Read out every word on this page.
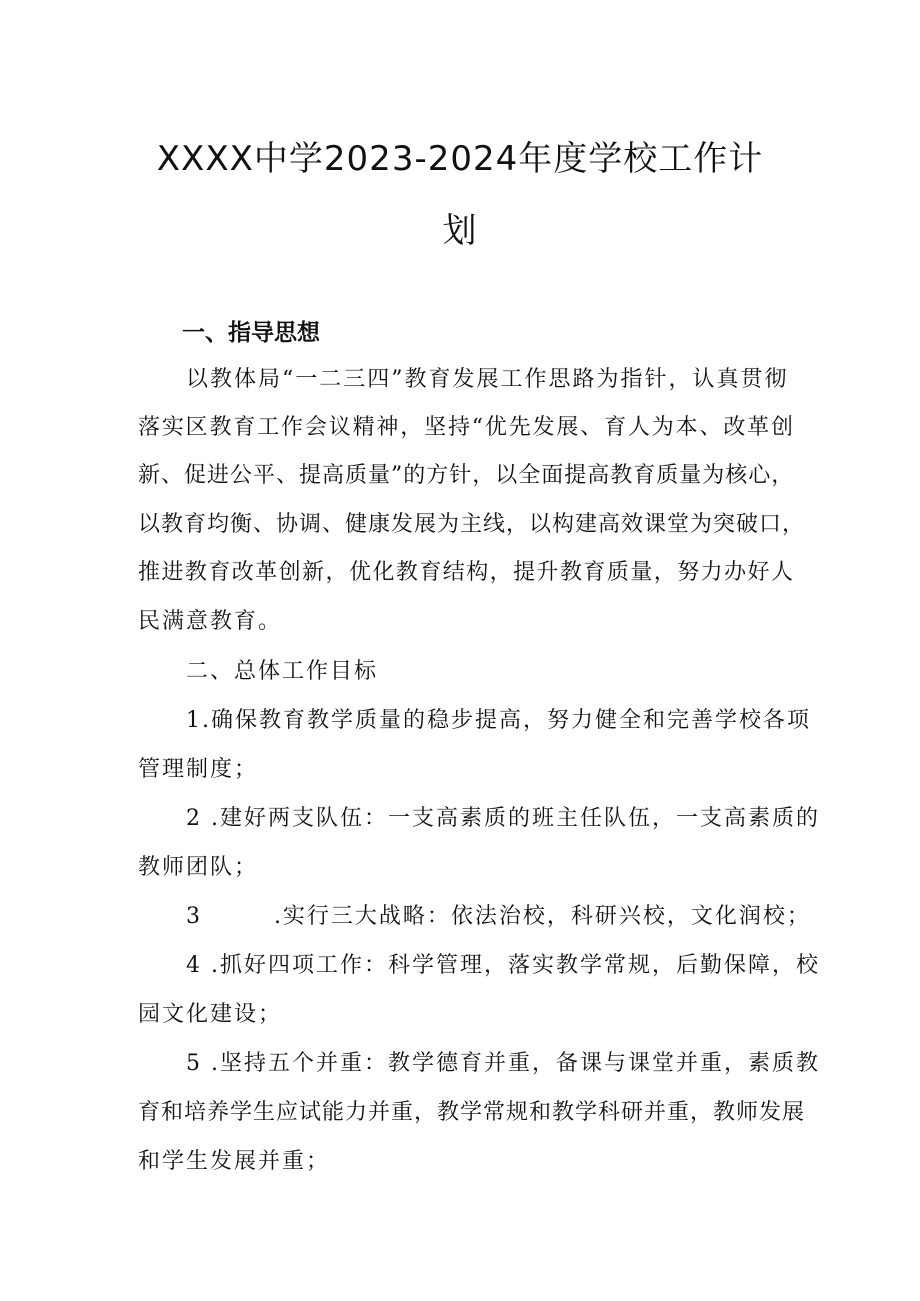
XXXX中学2023-2024年度学校工作计
划
一、指导思想
以教体局“一二三四”教育发展工作思路为指针，认真贯彻
落实区教育工作会议精神，坚持“优先发展、育人为本、改革创
新、促进公平、提高质量”的方针，以全面提高教育质量为核心，
以教育均衡、协调、健康发展为主线，以构建高效课堂为突破口，
推进教育改革创新，优化教育结构，提升教育质量，努力办好人
民满意教育。
二、总体工作目标
1.确保教育教学质量的稳步提高，努力健全和完善学校各项
管理制度；
2 .建好两支队伍：一支高素质的班主任队伍，一支高素质的
教师团队；
3        .实行三大战略：依法治校，科研兴校，文化润校；
4 .抓好四项工作：科学管理，落实教学常规，后勤保障，校
园文化建设；
5 .坚持五个并重：教学德育并重，备课与课堂并重，素质教
育和培养学生应试能力并重，教学常规和教学科研并重，教师发展
和学生发展并重；
